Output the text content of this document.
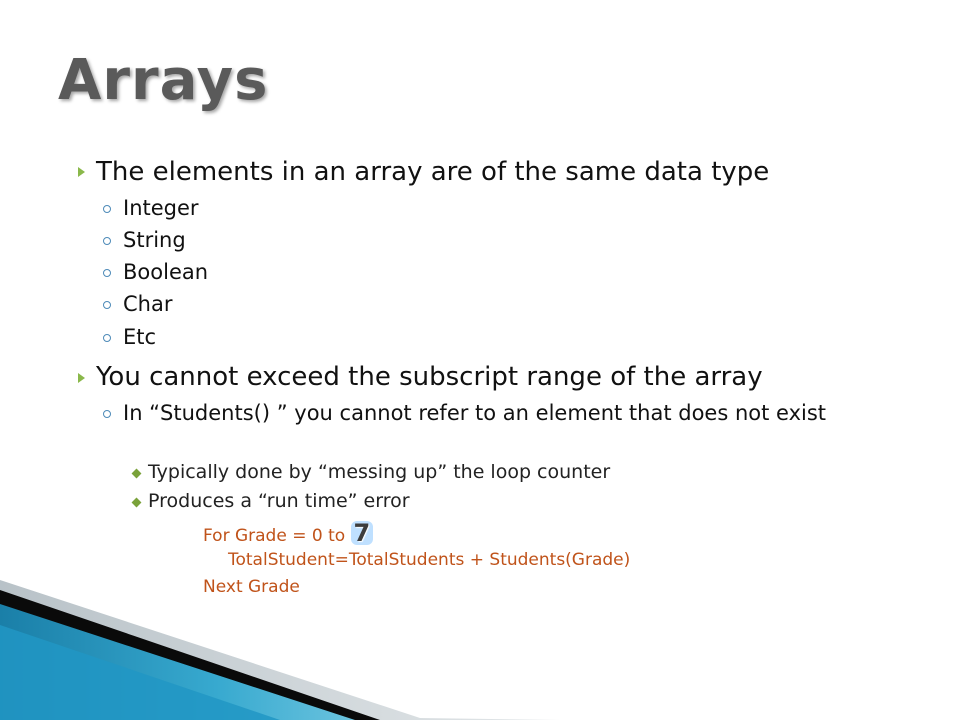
Arrays
The elements in an array are of the same data type
Integer
String
Boolean
Char
Etc
You cannot exceed the subscript range of the array
In “Students() ” you cannot refer to an element that does not exist
Typically done by “messing up” the loop counter
Produces a “run time” error
For Grade = 0 to 7
TotalStudent=TotalStudents + Students(Grade)
Next Grade
